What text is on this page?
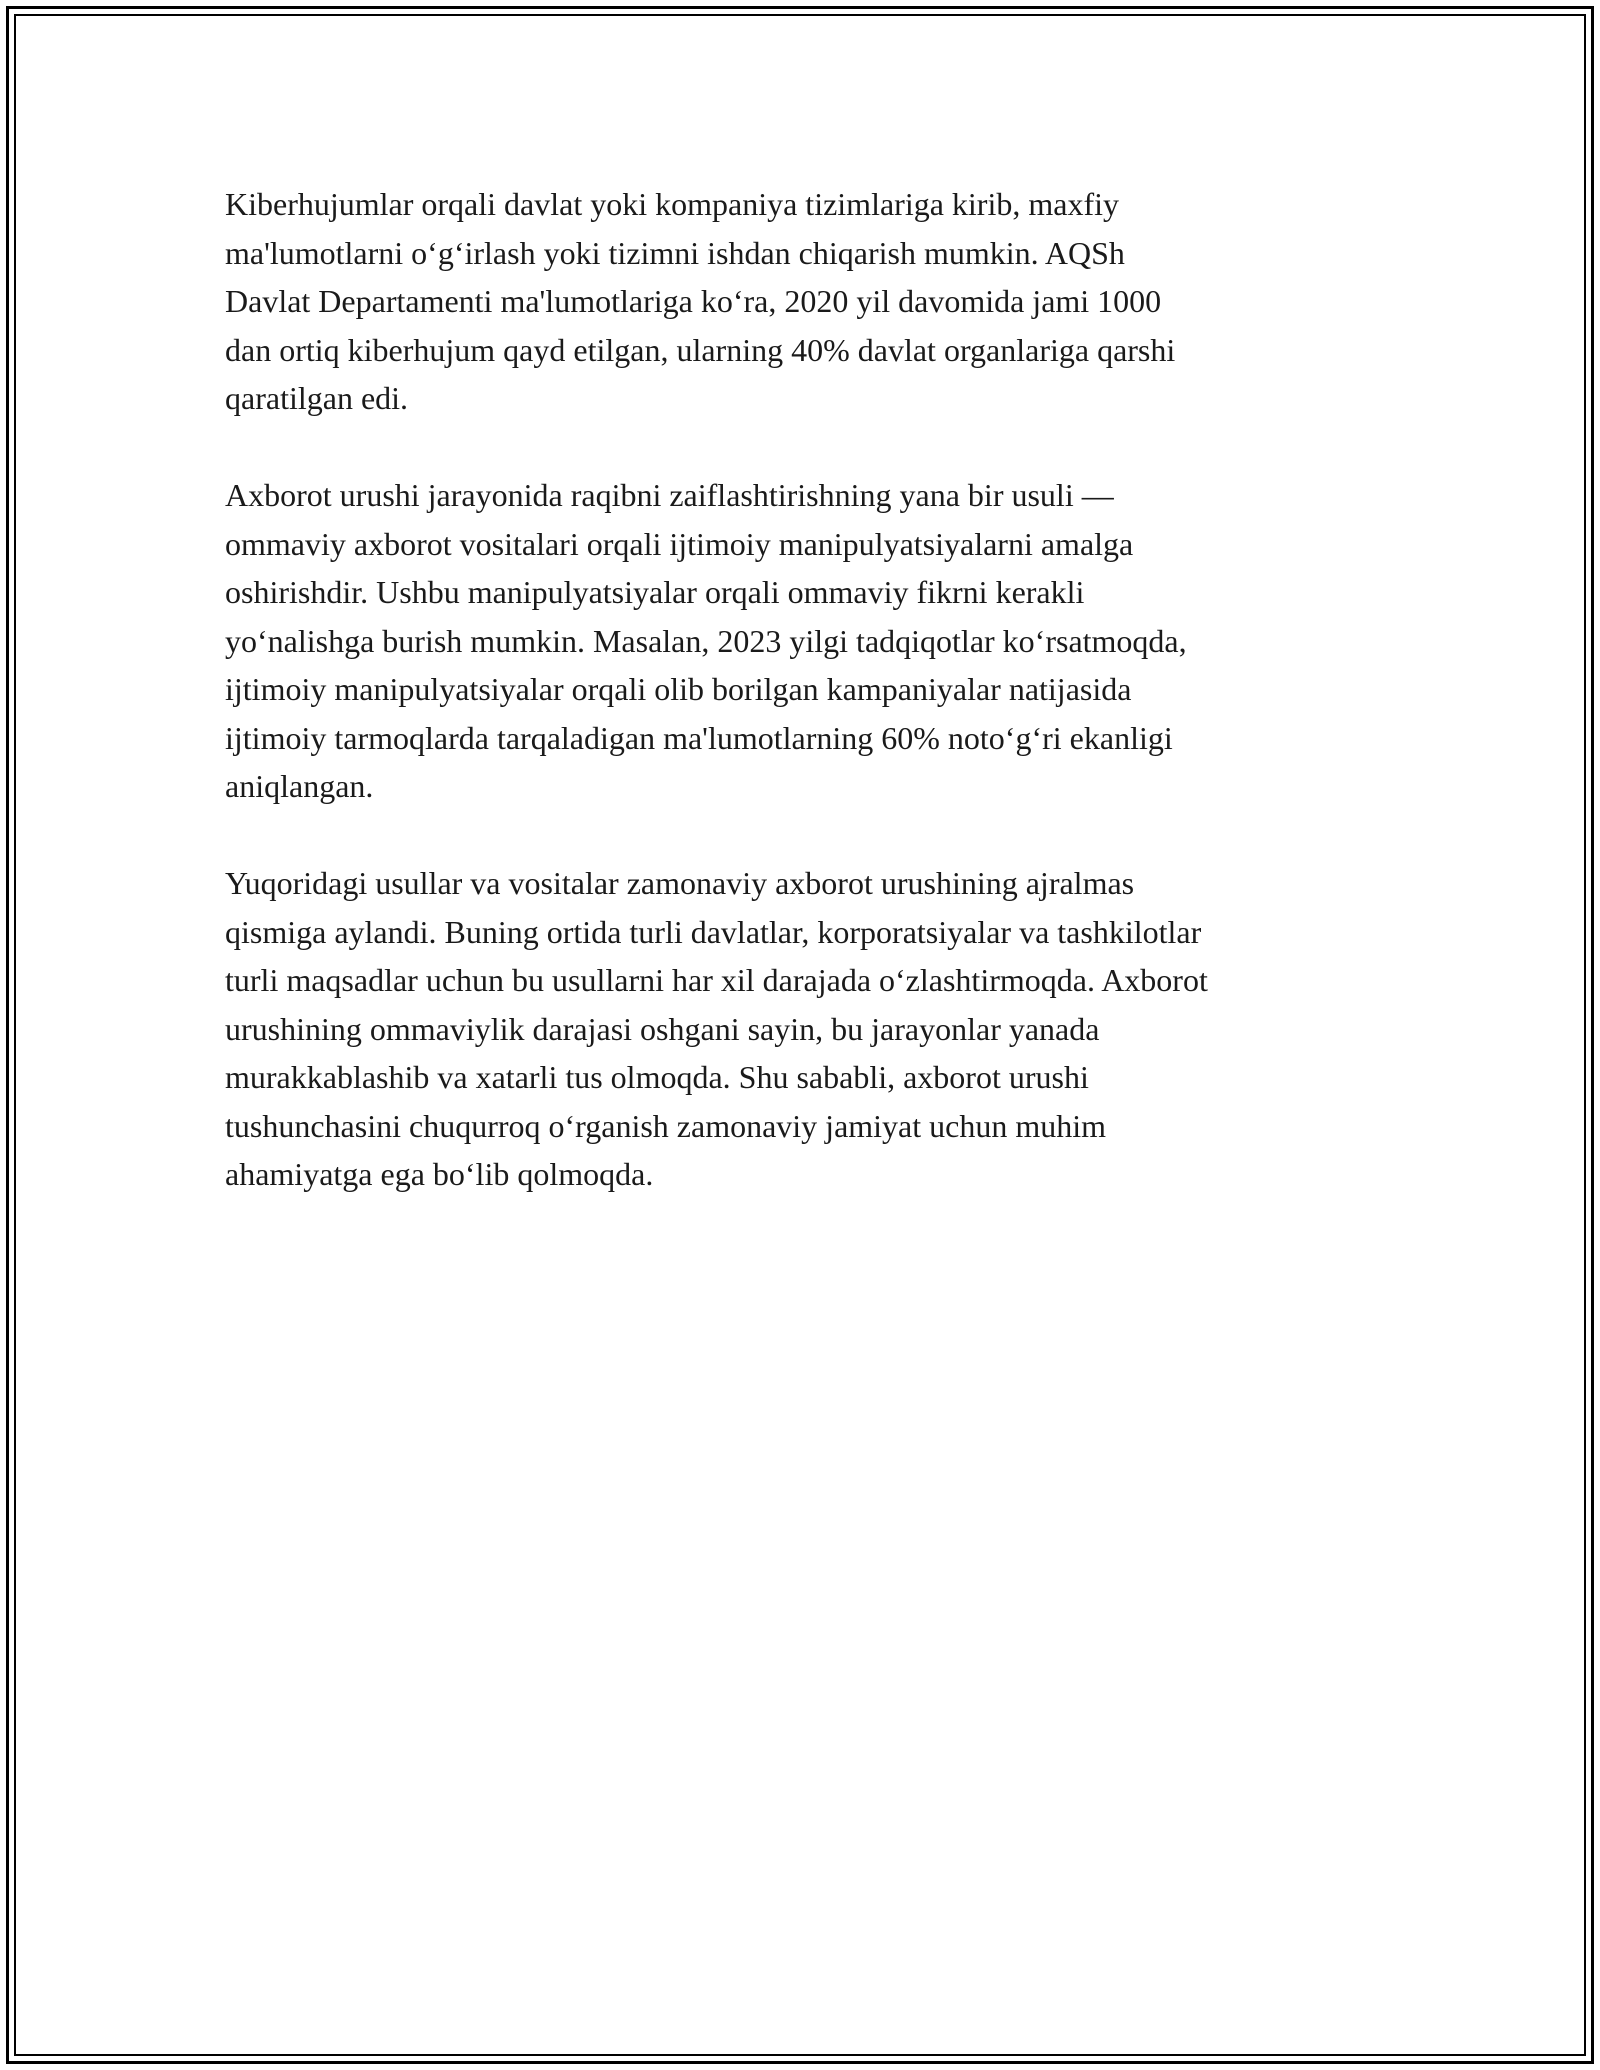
Kiberhujumlar orqali davlat yoki kompaniya tizimlariga kirib, maxfiy
ma'lumotlarni o‘g‘irlash yoki tizimni ishdan chiqarish mumkin. AQSh
Davlat Departamenti ma'lumotlariga ko‘ra, 2020 yil davomida jami 1000
dan ortiq kiberhujum qayd etilgan, ularning 40% davlat organlariga qarshi
qaratilgan edi.

Axborot urushi jarayonida raqibni zaiflashtirishning yana bir usuli —
ommaviy axborot vositalari orqali ijtimoiy manipulyatsiyalarni amalga
oshirishdir. Ushbu manipulyatsiyalar orqali ommaviy fikrni kerakli
yo‘nalishga burish mumkin. Masalan, 2023 yilgi tadqiqotlar ko‘rsatmoqda,
ijtimoiy manipulyatsiyalar orqali olib borilgan kampaniyalar natijasida
ijtimoiy tarmoqlarda tarqaladigan ma'lumotlarning 60% noto‘g‘ri ekanligi
aniqlangan.

Yuqoridagi usullar va vositalar zamonaviy axborot urushining ajralmas
qismiga aylandi. Buning ortida turli davlatlar, korporatsiyalar va tashkilotlar
turli maqsadlar uchun bu usullarni har xil darajada o‘zlashtirmoqda. Axborot
urushining ommaviylik darajasi oshgani sayin, bu jarayonlar yanada
murakkablashib va xatarli tus olmoqda. Shu sababli, axborot urushi
tushunchasini chuqurroq o‘rganish zamonaviy jamiyat uchun muhim
ahamiyatga ega bo‘lib qolmoqda.
